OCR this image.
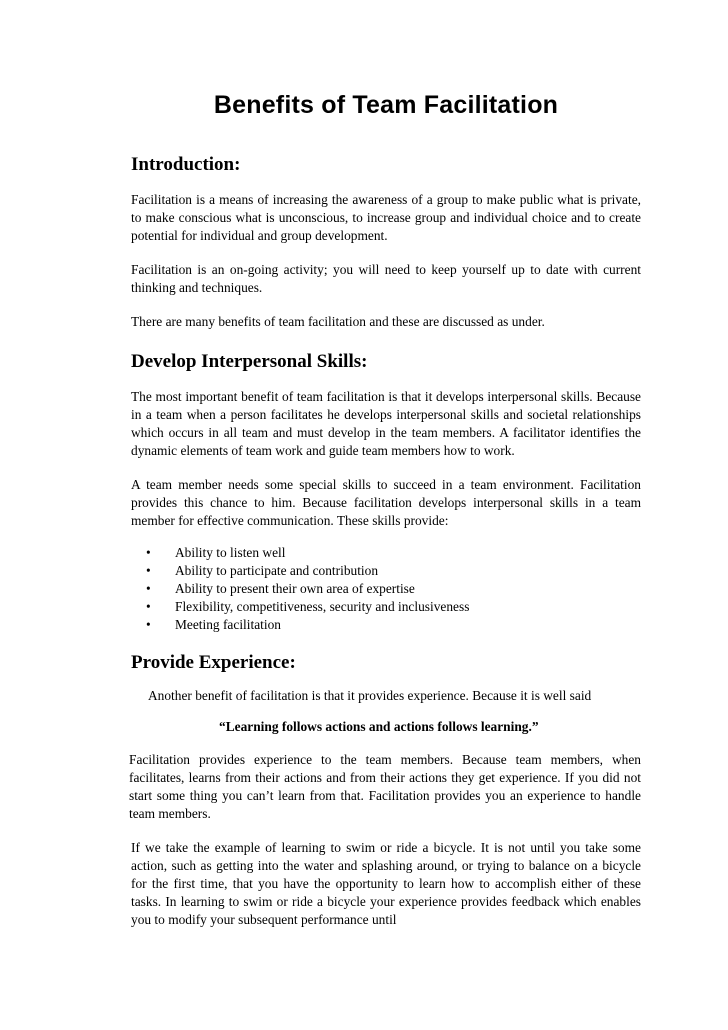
Benefits of Team Facilitation
Introduction:

Facilitation is a means of increasing the awareness of a group to make public what is private, to make conscious what is unconscious, to increase group and individual choice and to create potential for individual and group development.

Facilitation is an on-going activity; you will need to keep yourself up to date with current thinking and techniques.

There are many benefits of team facilitation and these are discussed as under.

Develop Interpersonal Skills:

The most important benefit of team facilitation is that it develops interpersonal skills. Because in a team when a person facilitates he develops interpersonal skills and societal relationships which occurs in all team and must develop in the team members. A facilitator identifies the dynamic elements of team work and guide team members how to work.

A team member needs some special skills to succeed in a team environment. Facilitation provides this chance to him. Because facilitation develops interpersonal skills in a team member for effective communication. These skills provide:

• Ability to listen well
• Ability to participate and contribution
• Ability to present their own area of expertise
• Flexibility, competitiveness, security and inclusiveness
• Meeting facilitation
Provide Experience:

Another benefit of facilitation is that it provides experience. Because it is well said

“Learning follows actions and actions follows learning.”

Facilitation provides experience to the team members. Because team members, when facilitates, learns from their actions and from their actions they get experience. If you did not start some thing you can’t learn from that. Facilitation provides you an experience to handle team members.

If we take the example of learning to swim or ride a bicycle. It is not until you take some action, such as getting into the water and splashing around, or trying to balance on a bicycle for the first time, that you have the opportunity to learn how to accomplish either of these tasks. In learning to swim or ride a bicycle your experience provides feedback which enables you to modify your subsequent performance until
